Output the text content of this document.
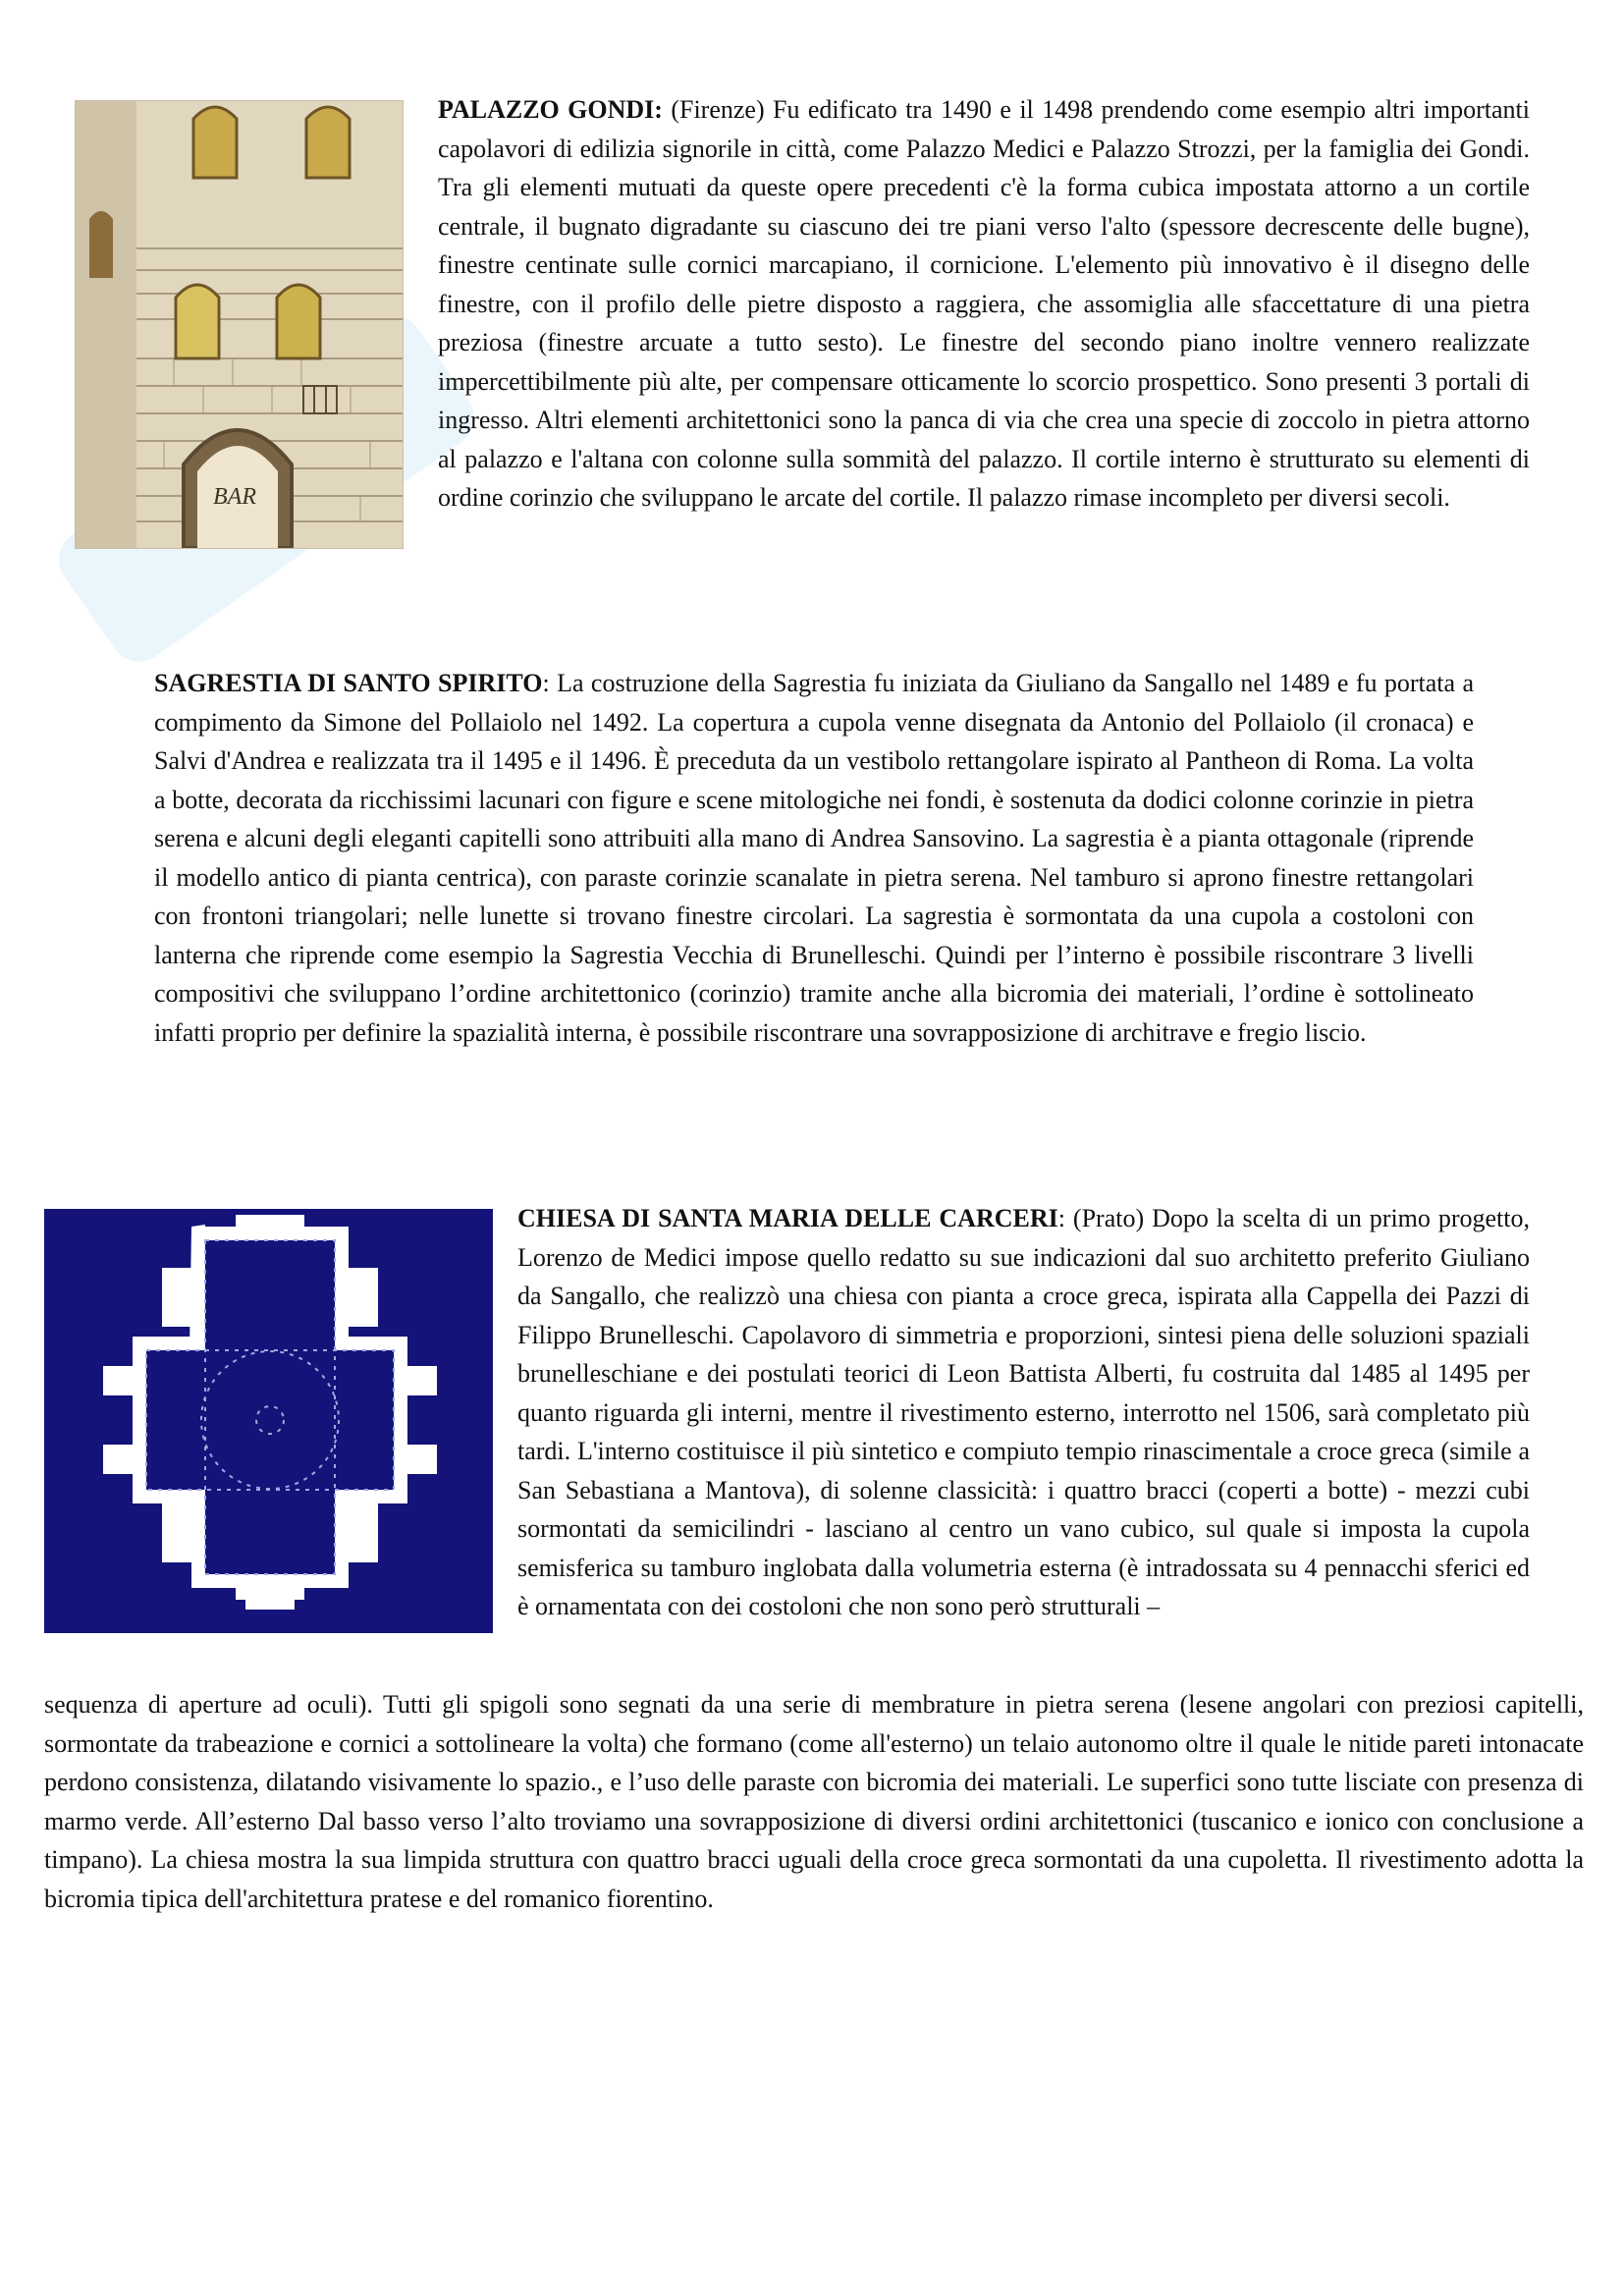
BAR

PALAZZO GONDI: (Firenze) Fu edificato tra 1490 e il 1498 prendendo come esempio altri importanti capolavori di edilizia signorile in città, come Palazzo Medici e Palazzo Strozzi, per la famiglia dei Gondi. Tra gli elementi mutuati da queste opere precedenti c'è la forma cubica impostata attorno a un cortile centrale, il bugnato digradante su ciascuno dei tre piani verso l'alto (spessore decrescente delle bugne), finestre centinate sulle cornici marcapiano, il cornicione. L'elemento più innovativo è il disegno delle finestre, con il profilo delle pietre disposto a raggiera, che assomiglia alle sfaccettature di una pietra preziosa (finestre arcuate a tutto sesto). Le finestre del secondo piano inoltre vennero realizzate impercettibilmente più alte, per compensare otticamente lo scorcio prospettico. Sono presenti 3 portali di ingresso. Altri elementi architettonici sono la panca di via che crea una specie di zoccolo in pietra attorno al palazzo e l'altana con colonne sulla sommità del palazzo. Il cortile interno è strutturato su elementi di ordine corinzio che sviluppano le arcate del cortile. Il palazzo rimase incompleto per diversi secoli.

SAGRESTIA DI SANTO SPIRITO: La costruzione della Sagrestia fu iniziata da Giuliano da Sangallo nel 1489 e fu portata a compimento da Simone del Pollaiolo nel 1492. La copertura a cupola venne disegnata da Antonio del Pollaiolo (il cronaca) e Salvi d'Andrea e realizzata tra il 1495 e il 1496. È preceduta da un vestibolo rettangolare ispirato al Pantheon di Roma. La volta a botte, decorata da ricchissimi lacunari con figure e scene mitologiche nei fondi, è sostenuta da dodici colonne corinzie in pietra serena e alcuni degli eleganti capitelli sono attribuiti alla mano di Andrea Sansovino. La sagrestia è a pianta ottagonale (riprende il modello antico di pianta centrica), con paraste corinzie scanalate in pietra serena. Nel tamburo si aprono finestre rettangolari con frontoni triangolari; nelle lunette si trovano finestre circolari. La sagrestia è sormontata da una cupola a costoloni con lanterna che riprende come esempio la Sagrestia Vecchia di Brunelleschi. Quindi per l’interno è possibile riscontrare 3 livelli compositivi che sviluppano l’ordine architettonico (corinzio) tramite anche alla bicromia dei materiali, l’ordine è sottolineato infatti proprio per definire la spazialità interna, è possibile riscontrare una sovrapposizione di architrave e fregio liscio.

CHIESA DI SANTA MARIA DELLE CARCERI: (Prato) Dopo la scelta di un primo progetto, Lorenzo de Medici impose quello redatto su sue indicazioni dal suo architetto preferito Giuliano da Sangallo, che realizzò una chiesa con pianta a croce greca, ispirata alla Cappella dei Pazzi di Filippo Brunelleschi. Capolavoro di simmetria e proporzioni, sintesi piena delle soluzioni spaziali brunelleschiane e dei postulati teorici di Leon Battista Alberti, fu costruita dal 1485 al 1495 per quanto riguarda gli interni, mentre il rivestimento esterno, interrotto nel 1506, sarà completato più tardi. L'interno costituisce il più sintetico e compiuto tempio rinascimentale a croce greca (simile a San Sebastiana a Mantova), di solenne classicità: i quattro bracci (coperti a botte) - mezzi cubi sormontati da semicilindri - lasciano al centro un vano cubico, sul quale si imposta la cupola semisferica su tamburo inglobata dalla volumetria esterna (è intradossata su 4 pennacchi sferici ed è ornamentata con dei costoloni che non sono però strutturali –

sequenza di aperture ad oculi). Tutti gli spigoli sono segnati da una serie di membrature in pietra serena (lesene angolari con preziosi capitelli, sormontate da trabeazione e cornici a sottolineare la volta) che formano (come all'esterno) un telaio autonomo oltre il quale le nitide pareti intonacate perdono consistenza, dilatando visivamente lo spazio., e l’uso delle paraste con bicromia dei materiali. Le superfici sono tutte lisciate con presenza di marmo verde. All’esterno Dal basso verso l’alto troviamo una sovrapposizione di diversi ordini architettonici (tuscanico e ionico con conclusione a timpano). La chiesa mostra la sua limpida struttura con quattro bracci uguali della croce greca sormontati da una cupoletta. Il rivestimento adotta la bicromia tipica dell'architettura pratese e del romanico fiorentino.
